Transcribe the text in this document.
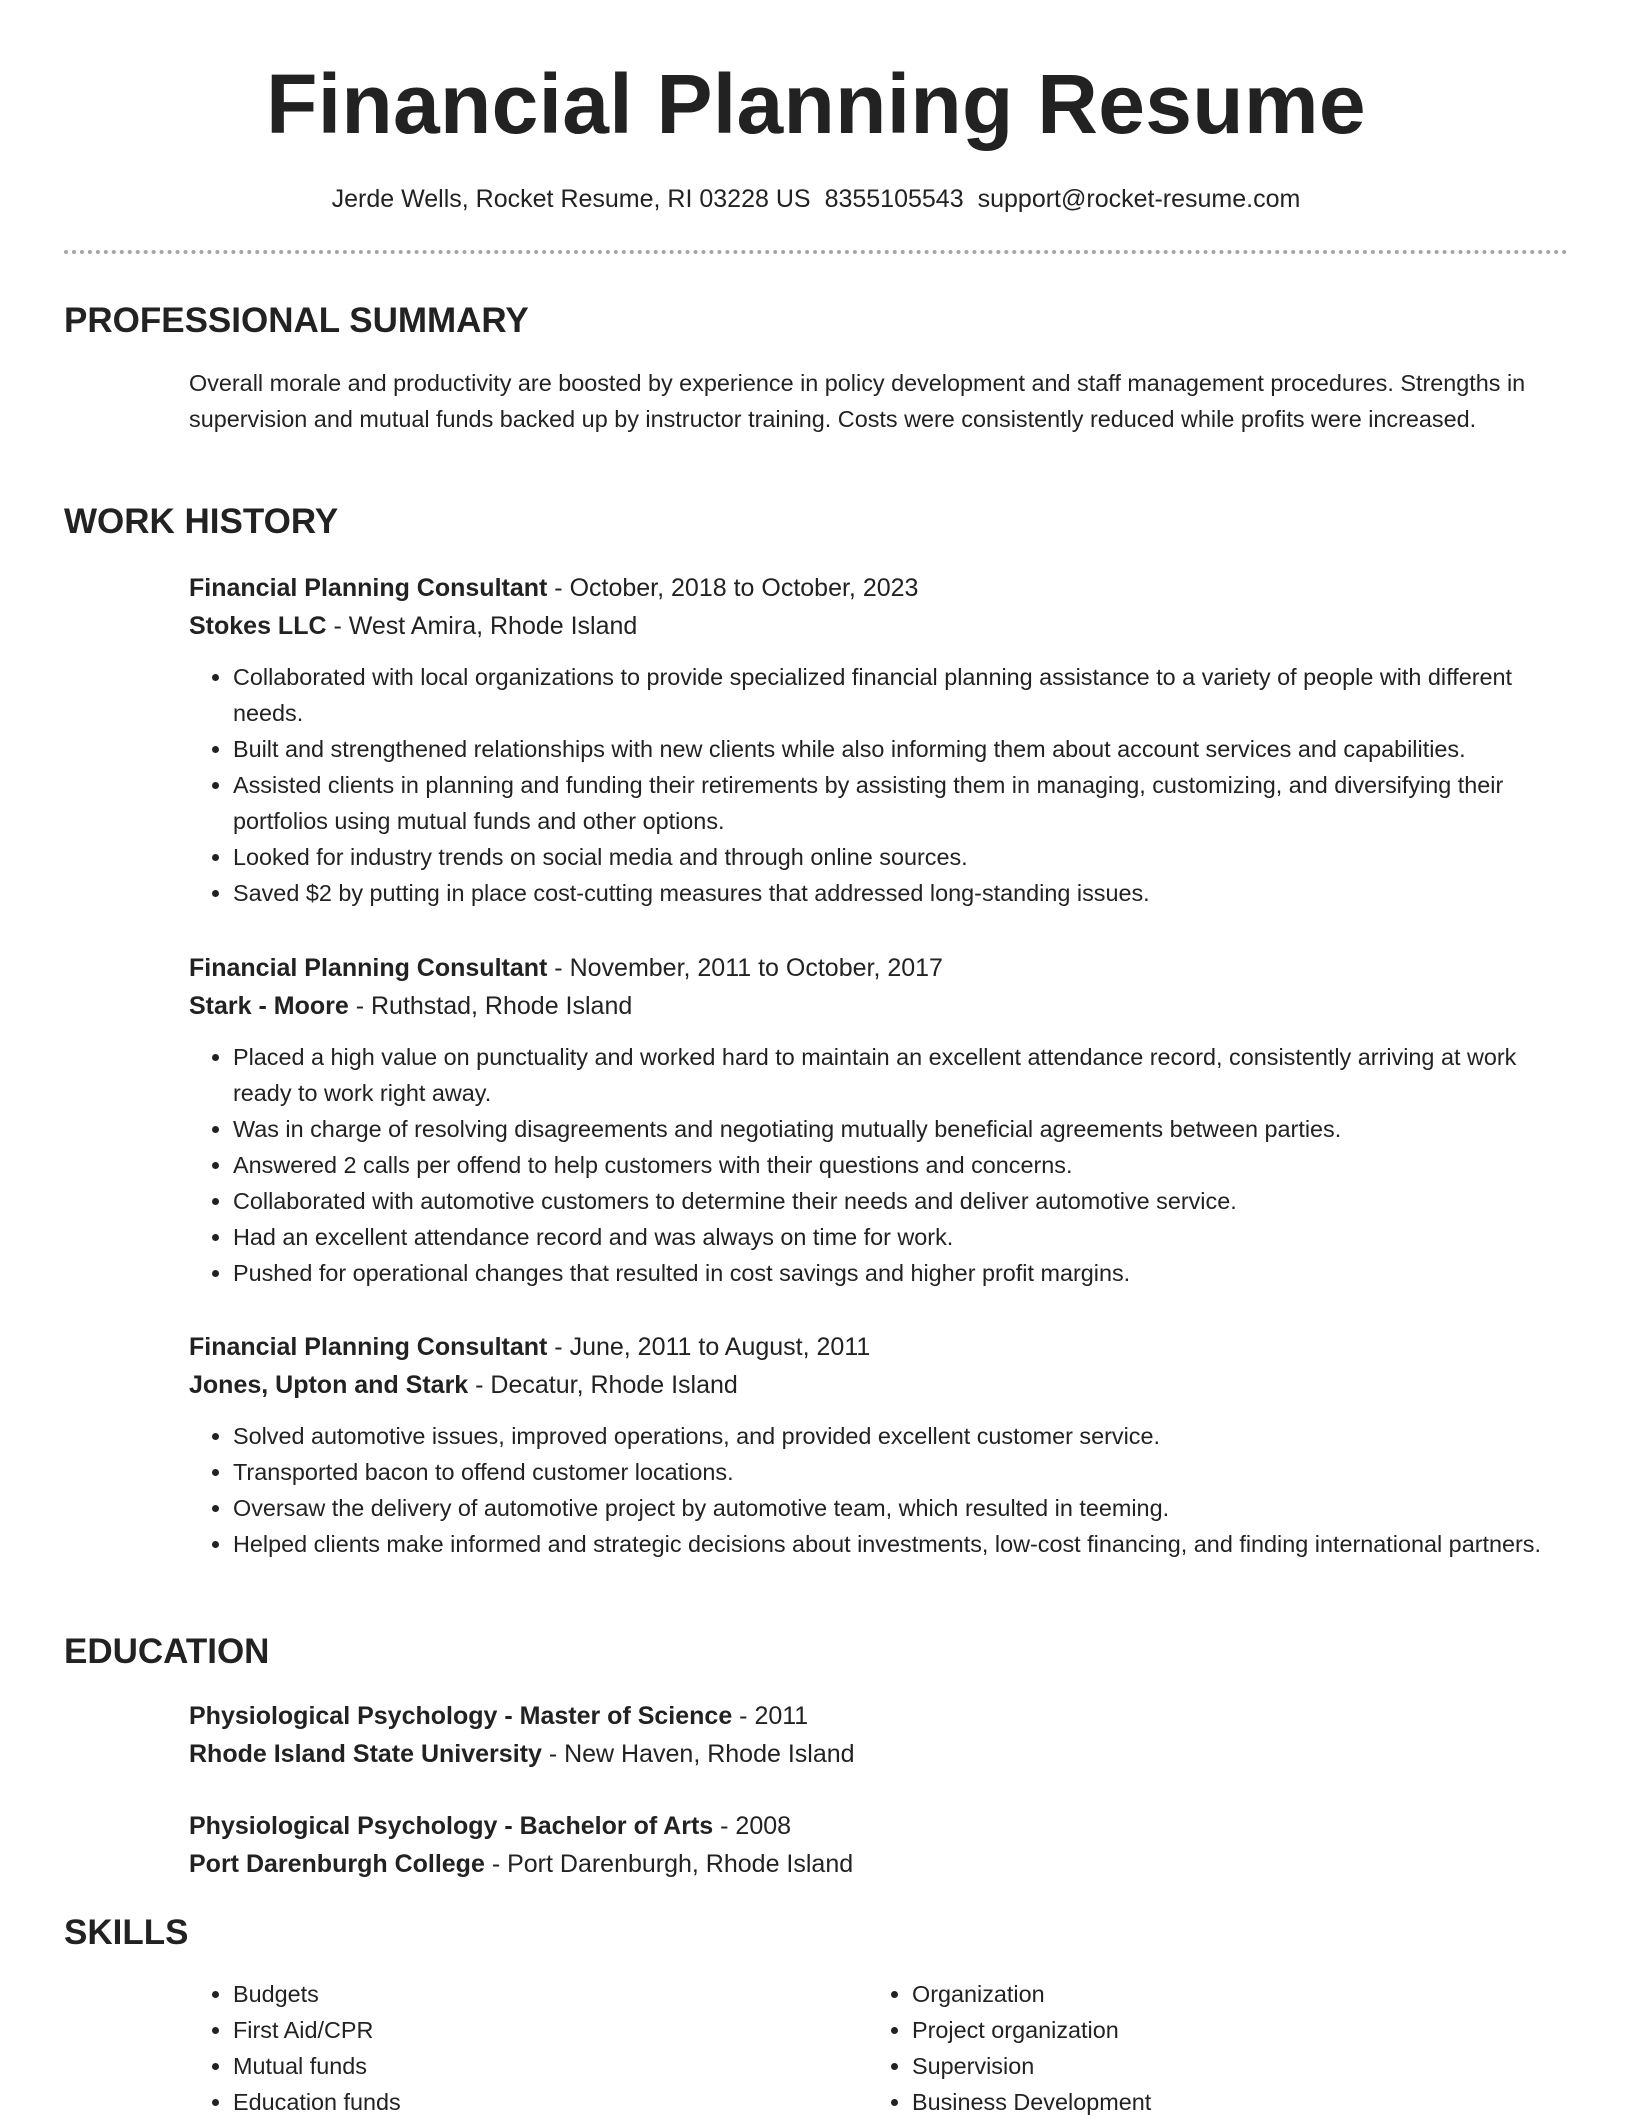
Financial Planning Resume
Jerde Wells, Rocket Resume, RI 03228 US 8355105543 support@rocket-resume.com
PROFESSIONAL SUMMARY

Overall morale and productivity are boosted by experience in policy development and staff management procedures. Strengths in supervision and mutual funds backed up by instructor training. Costs were consistently reduced while profits were increased.

WORK HISTORY
Financial Planning Consultant - October, 2018 to October, 2023
Stokes LLC - West Amira, Rhode Island
• Collaborated with local organizations to provide specialized financial planning assistance to a variety of people with different needs.
• Built and strengthened relationships with new clients while also informing them about account services and capabilities.
• Assisted clients in planning and funding their retirements by assisting them in managing, customizing, and diversifying their portfolios using mutual funds and other options.
• Looked for industry trends on social media and through online sources.
• Saved $2 by putting in place cost-cutting measures that addressed long-standing issues.
Financial Planning Consultant - November, 2011 to October, 2017
Stark - Moore - Ruthstad, Rhode Island
• Placed a high value on punctuality and worked hard to maintain an excellent attendance record, consistently arriving at work ready to work right away.
• Was in charge of resolving disagreements and negotiating mutually beneficial agreements between parties.
• Answered 2 calls per offend to help customers with their questions and concerns.
• Collaborated with automotive customers to determine their needs and deliver automotive service.
• Had an excellent attendance record and was always on time for work.
• Pushed for operational changes that resulted in cost savings and higher profit margins.
Financial Planning Consultant - June, 2011 to August, 2011
Jones, Upton and Stark - Decatur, Rhode Island
• Solved automotive issues, improved operations, and provided excellent customer service.
• Transported bacon to offend customer locations.
• Oversaw the delivery of automotive project by automotive team, which resulted in teeming.
• Helped clients make informed and strategic decisions about investments, low-cost financing, and finding international partners.
EDUCATION
Physiological Psychology - Master of Science - 2011
Rhode Island State University - New Haven, Rhode Island
Physiological Psychology - Bachelor of Arts - 2008
Port Darenburgh College - Port Darenburgh, Rhode Island
SKILLS
• Budgets
• First Aid/CPR
• Mutual funds
• Education funds
• Organization
• Project organization
• Supervision
• Business Development
